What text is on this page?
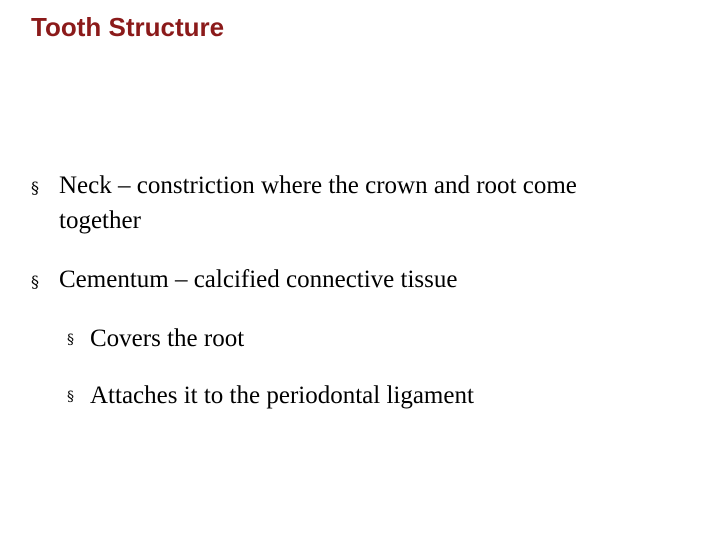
Tooth Structure
§ Neck – constriction where the crown and root come
together
§ Cementum – calcified connective tissue
§ Covers the root
§ Attaches it to the periodontal ligament
